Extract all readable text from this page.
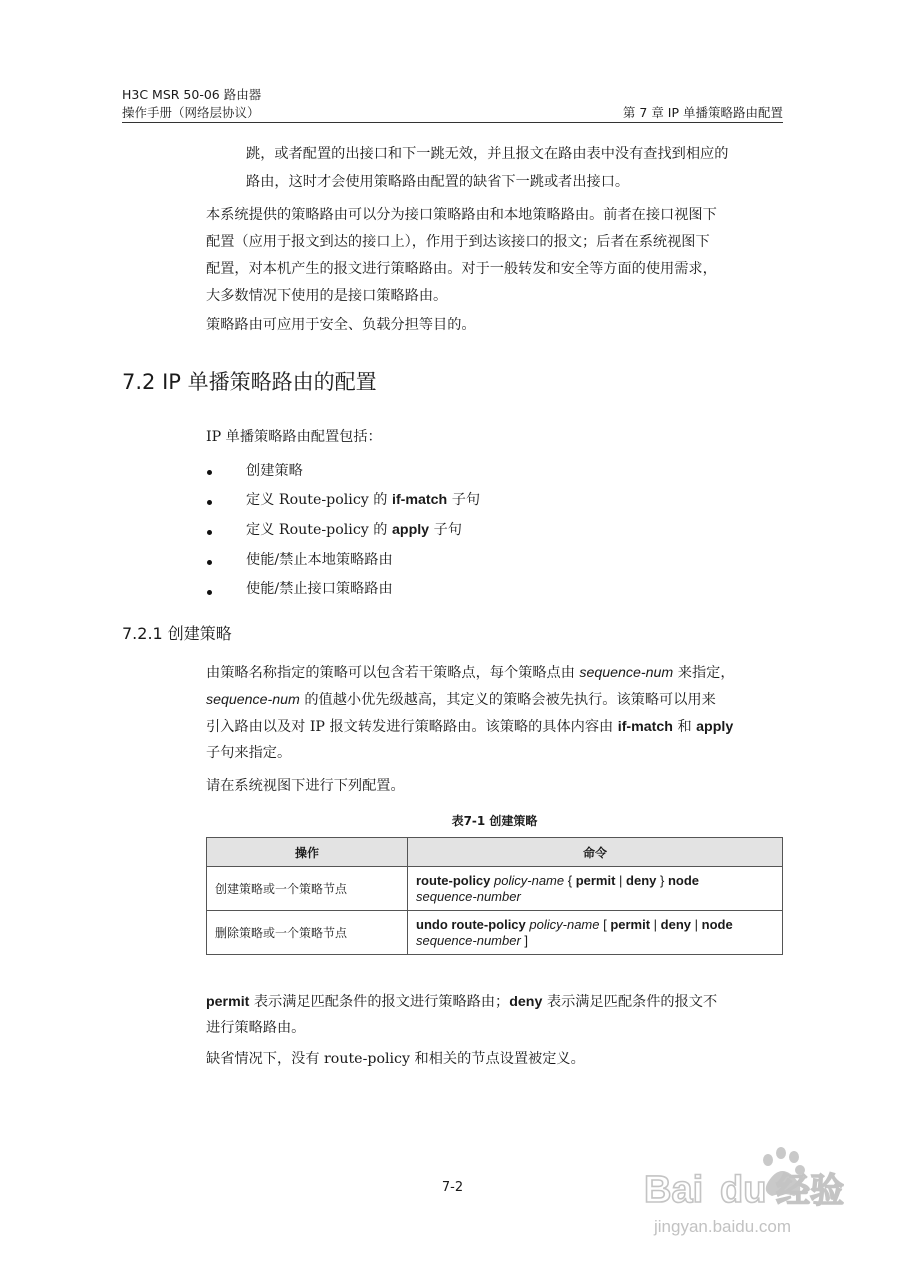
H3C MSR 50-06 路由器
操作手册（网络层协议）	第 7 章 IP 单播策略路由配置
跳，或者配置的出接口和下一跳无效，并且报文在路由表中没有查找到相应的
路由，这时才会使用策略路由配置的缺省下一跳或者出接口。
本系统提供的策略路由可以分为接口策略路由和本地策略路由。前者在接口视图下
配置（应用于报文到达的接口上），作用于到达该接口的报文；后者在系统视图下
配置，对本机产生的报文进行策略路由。对于一般转发和安全等方面的使用需求，
大多数情况下使用的是接口策略路由。
策略路由可应用于安全、负载分担等目的。
7.2 IP 单播策略路由的配置
IP 单播策略路由配置包括：
创建策略
定义 Route-policy 的 if-match 子句
定义 Route-policy 的 apply 子句
使能/禁止本地策略路由
使能/禁止接口策略路由
7.2.1 创建策略
由策略名称指定的策略可以包含若干策略点，每个策略点由 sequence-num 来指定，
sequence-num 的值越小优先级越高，其定义的策略会被先执行。该策略可以用来
引入路由以及对 IP 报文转发进行策略路由。该策略的具体内容由 if-match 和 apply
子句来指定。
请在系统视图下进行下列配置。
表7-1 创建策略
操作	命令
创建策略或一个策略节点	route-policy policy-name { permit | deny } node
sequence-number
删除策略或一个策略节点	undo route-policy policy-name [ permit | deny | node
sequence-number ]
permit 表示满足匹配条件的报文进行策略路由；deny 表示满足匹配条件的报文不
进行策略路由。
缺省情况下，没有 route-policy 和相关的节点设置被定义。
7-2	Bai du 经验
jingyan.baidu.com
